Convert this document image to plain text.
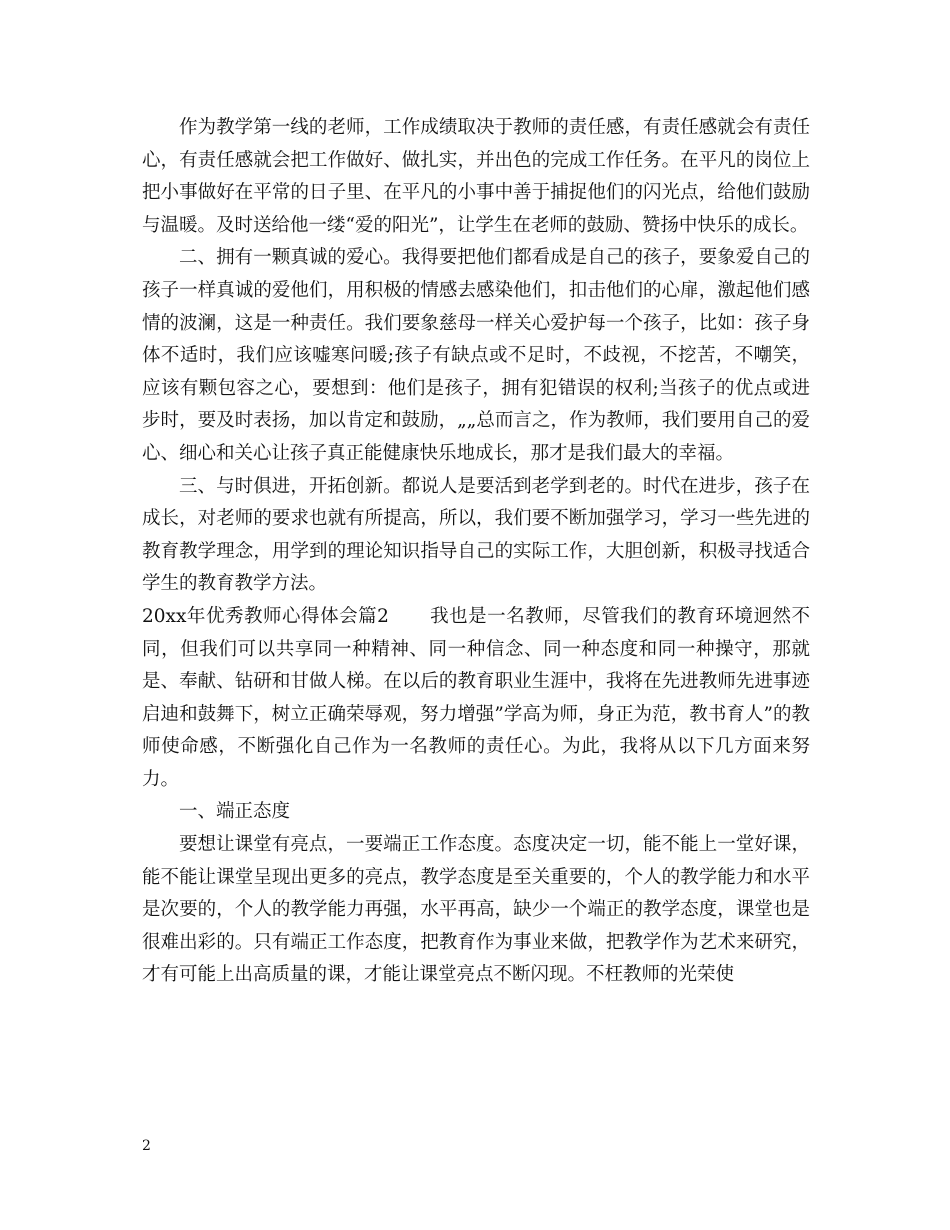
作为教学第一线的老师，工作成绩取决于教师的责任感，有责任感就会有责任心，有责任感就会把工作做好、做扎实，并出色的完成工作任务。在平凡的岗位上把小事做好在平常的日子里、在平凡的小事中善于捕捉他们的闪光点，给他们鼓励与温暖。及时送给他一缕“爱的阳光”，让学生在老师的鼓励、赞扬中快乐的成长。

二、拥有一颗真诚的爱心。我得要把他们都看成是自己的孩子，要象爱自己的孩子一样真诚的爱他们，用积极的情感去感染他们，扣击他们的心扉，激起他们感情的波澜，这是一种责任。我们要象慈母一样关心爱护每一个孩子，比如：孩子身体不适时，我们应该嘘寒问暖;孩子有缺点或不足时，不歧视，不挖苦，不嘲笑，应该有颗包容之心，要想到：他们是孩子，拥有犯错误的权利;当孩子的优点或进步时，要及时表扬，加以肯定和鼓励，„„总而言之，作为教师，我们要用自己的爱心、细心和关心让孩子真正能健康快乐地成长，那才是我们最大的幸福。

三、与时俱进，开拓创新。都说人是要活到老学到老的。时代在进步，孩子在成长，对老师的要求也就有所提高，所以，我们要不断加强学习，学习一些先进的教育教学理念，用学到的理论知识指导自己的实际工作，大胆创新，积极寻找适合学生的教育教学方法。

20xx年优秀教师心得体会篇2 我也是一名教师，尽管我们的教育环境迥然不同，但我们可以共享同一种精神、同一种信念、同一种态度和同一种操守，那就是、奉献、钻研和甘做人梯。在以后的教育职业生涯中，我将在先进教师先进事迹启迪和鼓舞下，树立正确荣辱观，努力增强”学高为师，身正为范，教书育人”的教师使命感，不断强化自己作为一名教师的责任心。为此，我将从以下几方面来努力。

一、端正态度

要想让课堂有亮点，一要端正工作态度。态度决定一切，能不能上一堂好课，能不能让课堂呈现出更多的亮点，教学态度是至关重要的，个人的教学能力和水平是次要的，个人的教学能力再强，水平再高，缺少一个端正的教学态度，课堂也是很难出彩的。只有端正工作态度，把教育作为事业来做，把教学作为艺术来研究，才有可能上出高质量的课，才能让课堂亮点不断闪现。不枉教师的光荣使

2
